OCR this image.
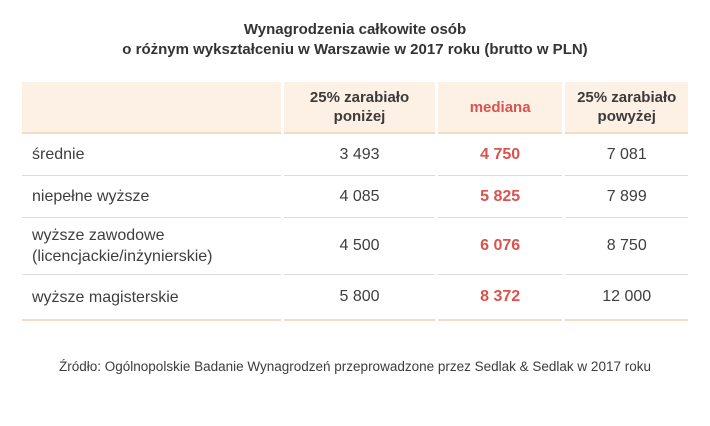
Wynagrodzenia całkowite osób
o różnym wykształceniu w Warszawie w 2017 roku (brutto w PLN)
	25% zarabiało poniżej	mediana	25% zarabiało powyżej
średnie	3 493	4 750	7 081
niepełne wyższe	4 085	5 825	7 899
wyższe zawodowe (licencjackie/inżynierskie)	4 500	6 076	8 750
wyższe magisterskie	5 800	8 372	12 000
Źródło: Ogólnopolskie Badanie Wynagrodzeń przeprowadzone przez Sedlak & Sedlak w 2017 roku
